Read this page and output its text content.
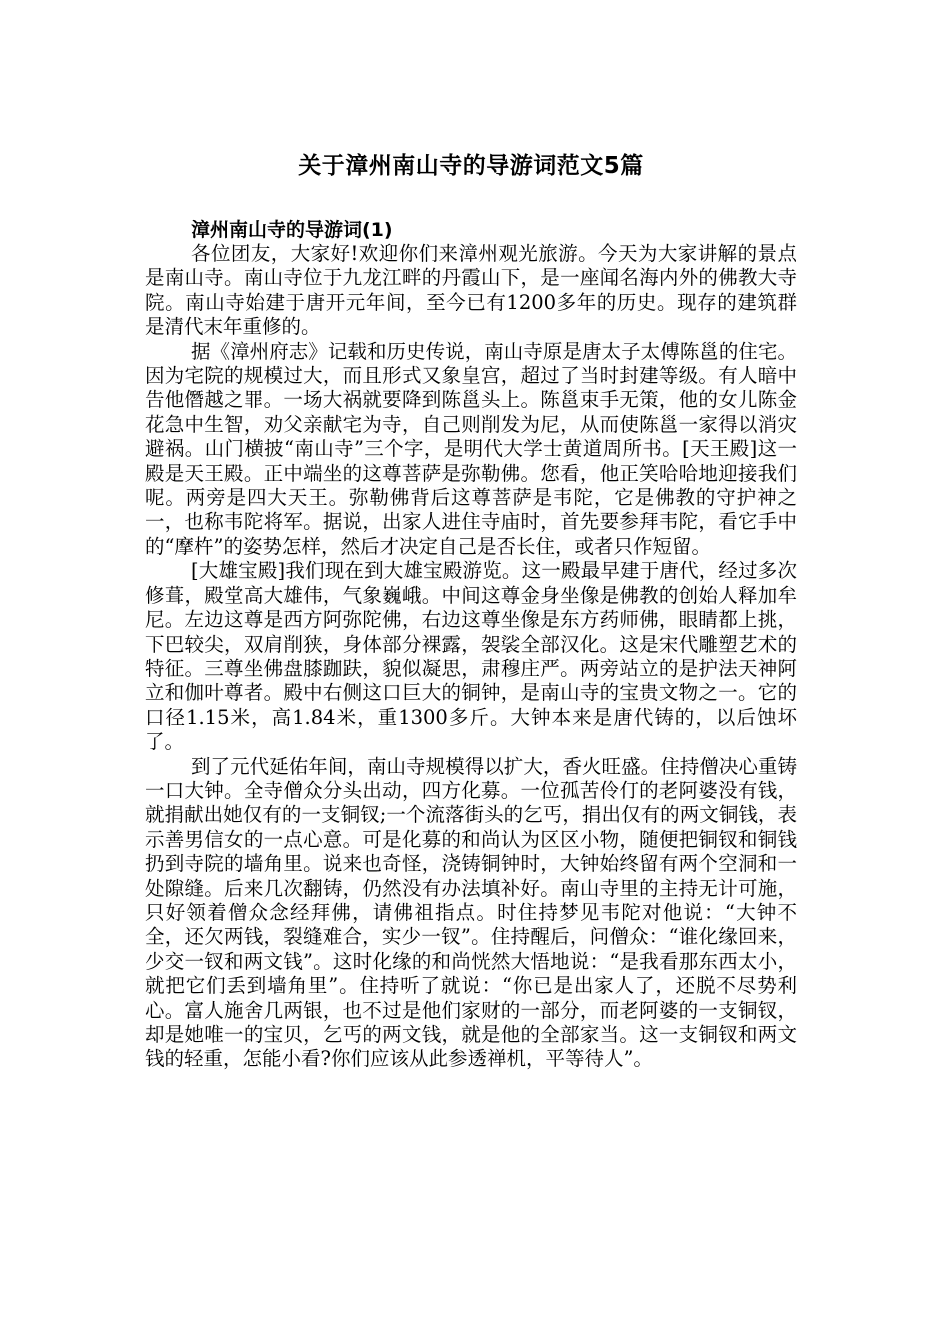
关于漳州南山寺的导游词范文5篇
漳州南山寺的导游词(1)

各位团友，大家好!欢迎你们来漳州观光旅游。今天为大家讲解的景点是南山寺。南山寺位于九龙江畔的丹霞山下，是一座闻名海内外的佛教大寺院。南山寺始建于唐开元年间，至今已有1200多年的历史。现存的建筑群是清代末年重修的。

据《漳州府志》记载和历史传说，南山寺原是唐太子太傅陈邕的住宅。因为宅院的规模过大，而且形式又象皇宫，超过了当时封建等级。有人暗中告他僭越之罪。一场大祸就要降到陈邕头上。陈邕束手无策，他的女儿陈金花急中生智，劝父亲献宅为寺，自己则削发为尼，从而使陈邕一家得以消灾避祸。山门横披“南山寺”三个字，是明代大学士黄道周所书。[天王殿]这一殿是天王殿。正中端坐的这尊菩萨是弥勒佛。您看，他正笑哈哈地迎接我们呢。两旁是四大天王。弥勒佛背后这尊菩萨是韦陀，它是佛教的守护神之一，也称韦陀将军。据说，出家人进住寺庙时，首先要参拜韦陀，看它手中的“摩杵”的姿势怎样，然后才决定自己是否长住，或者只作短留。

[大雄宝殿]我们现在到大雄宝殿游览。这一殿最早建于唐代，经过多次修葺，殿堂高大雄伟，气象巍峨。中间这尊金身坐像是佛教的创始人释加牟尼。左边这尊是西方阿弥陀佛，右边这尊坐像是东方药师佛，眼睛都上挑，下巴较尖，双肩削狭，身体部分裸露，袈裟全部汉化。这是宋代雕塑艺术的特征。三尊坐佛盘膝跏趺，貌似凝思，肃穆庄严。两旁站立的是护法天神阿立和伽叶尊者。殿中右侧这口巨大的铜钟，是南山寺的宝贵文物之一。它的口径1.15米，高1.84米，重1300多斤。大钟本来是唐代铸的，以后蚀坏了。

到了元代延佑年间，南山寺规模得以扩大，香火旺盛。住持僧决心重铸一口大钟。全寺僧众分头出动，四方化募。一位孤苦伶仃的老阿婆没有钱，就捐献出她仅有的一支铜钗;一个流落街头的乞丐，捐出仅有的两文铜钱，表示善男信女的一点心意。可是化募的和尚认为区区小物，随便把铜钗和铜钱扔到寺院的墙角里。说来也奇怪，浇铸铜钟时，大钟始终留有两个空洞和一处隙缝。后来几次翻铸，仍然没有办法填补好。南山寺里的主持无计可施，只好领着僧众念经拜佛，请佛祖指点。时住持梦见韦陀对他说：“大钟不全，还欠两钱，裂缝难合，实少一钗”。住持醒后，问僧众：“谁化缘回来，少交一钗和两文钱”。这时化缘的和尚恍然大悟地说：“是我看那东西太小，就把它们丢到墙角里”。住持听了就说：“你已是出家人了，还脱不尽势利心。富人施舍几两银，也不过是他们家财的一部分，而老阿婆的一支铜钗，却是她唯一的宝贝，乞丐的两文钱，就是他的全部家当。这一支铜钗和两文钱的轻重，怎能小看?你们应该从此参透禅机，平等待人”。
